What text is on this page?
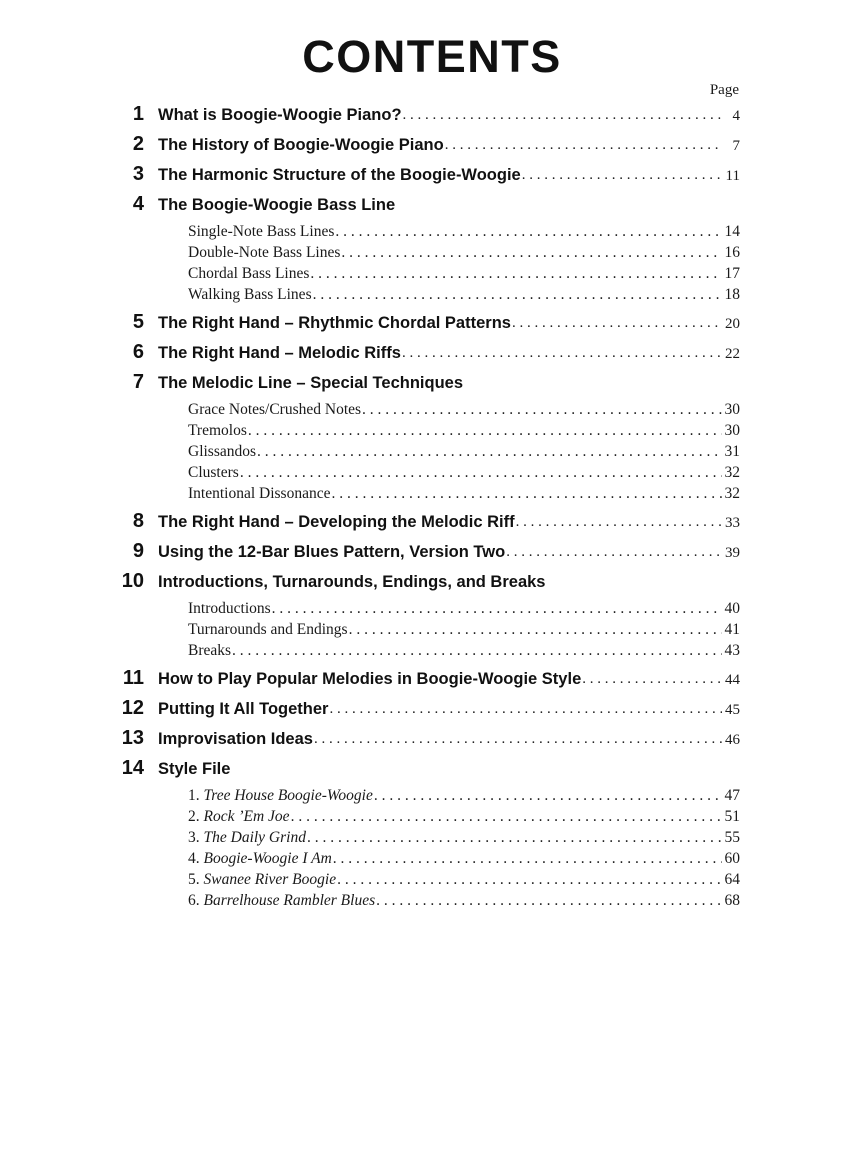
CONTENTS
Page
1 What is Boogie-Woogie Piano? . . .	4
2 The History of Boogie-Woogie Piano . . .	7
3 The Harmonic Structure of the Boogie-Woogie . . .	11
4 The Boogie-Woogie Bass Line
Single-Note Bass Lines . . .	14
Double-Note Bass Lines . . .	16
Chordal Bass Lines . . .	17
Walking Bass Lines . . .	18
5 The Right Hand – Rhythmic Chordal Patterns . . .	20
6 The Right Hand – Melodic Riffs . . .	22
7 The Melodic Line – Special Techniques
Grace Notes/Crushed Notes . . .	30
Tremolos . . .	30
Glissandos . . .	31
Clusters . . .	32
Intentional Dissonance . . .	32
8 The Right Hand – Developing the Melodic Riff . . .	33
9 Using the 12-Bar Blues Pattern, Version Two . . .	39
10 Introductions, Turnarounds, Endings, and Breaks
Introductions . . .	40
Turnarounds and Endings . . .	41
Breaks . . .	43
11 How to Play Popular Melodies in Boogie-Woogie Style . . .	44
12 Putting It All Together . . .	45
13 Improvisation Ideas . . .	46
14 Style File
1. Tree House Boogie-Woogie . . .	47
2. Rock ’Em Joe . . .	51
3. The Daily Grind . . .	55
4. Boogie-Woogie I Am . . .	60
5. Swanee River Boogie . . .	64
6. Barrelhouse Rambler Blues . . .	68
